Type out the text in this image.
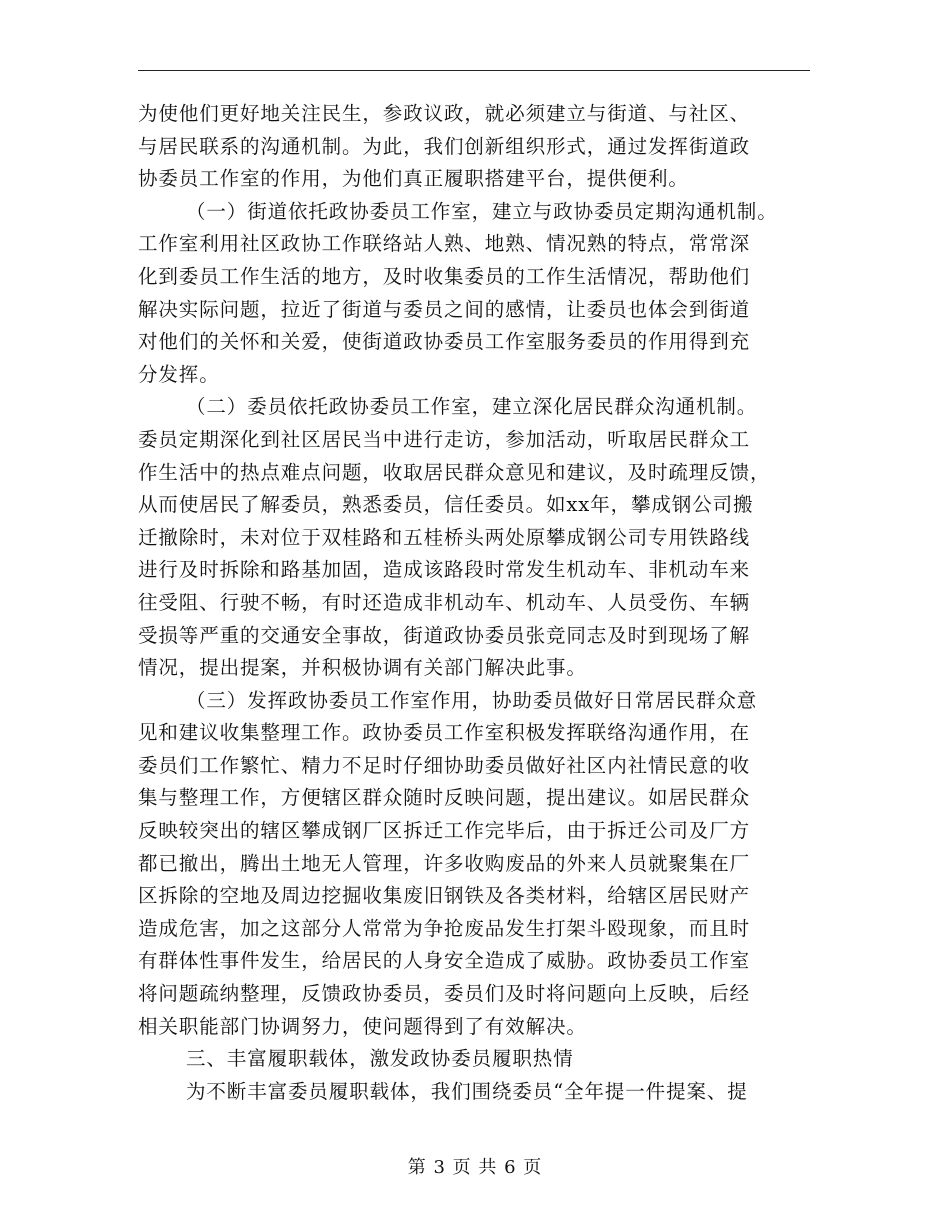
为使他们更好地关注民生，参政议政，就必须建立与街道、与社区、
与居民联系的沟通机制。为此，我们创新组织形式，通过发挥街道政
协委员工作室的作用，为他们真正履职搭建平台，提供便利。
（一）街道依托政协委员工作室，建立与政协委员定期沟通机制。
工作室利用社区政协工作联络站人熟、地熟、情况熟的特点，常常深
化到委员工作生活的地方，及时收集委员的工作生活情况，帮助他们
解决实际问题，拉近了街道与委员之间的感情，让委员也体会到街道
对他们的关怀和关爱，使街道政协委员工作室服务委员的作用得到充
分发挥。
（二）委员依托政协委员工作室，建立深化居民群众沟通机制。
委员定期深化到社区居民当中进行走访，参加活动，听取居民群众工
作生活中的热点难点问题，收取居民群众意见和建议，及时疏理反馈，
从而使居民了解委员，熟悉委员，信任委员。如xx年，攀成钢公司搬
迁撤除时，未对位于双桂路和五桂桥头两处原攀成钢公司专用铁路线
进行及时拆除和路基加固，造成该路段时常发生机动车、非机动车来
往受阻、行驶不畅，有时还造成非机动车、机动车、人员受伤、车辆
受损等严重的交通安全事故，街道政协委员张竞同志及时到现场了解
情况，提出提案，并积极协调有关部门解决此事。
（三）发挥政协委员工作室作用，协助委员做好日常居民群众意
见和建议收集整理工作。政协委员工作室积极发挥联络沟通作用，在
委员们工作繁忙、精力不足时仔细协助委员做好社区内社情民意的收
集与整理工作，方便辖区群众随时反映问题，提出建议。如居民群众
反映较突出的辖区攀成钢厂区拆迁工作完毕后，由于拆迁公司及厂方
都已撤出，腾出土地无人管理，许多收购废品的外来人员就聚集在厂
区拆除的空地及周边挖掘收集废旧钢铁及各类材料，给辖区居民财产
造成危害，加之这部分人常常为争抢废品发生打架斗殴现象，而且时
有群体性事件发生，给居民的人身安全造成了威胁。政协委员工作室
将问题疏纳整理，反馈政协委员，委员们及时将问题向上反映，后经
相关职能部门协调努力，使问题得到了有效解决。
三、丰富履职载体，激发政协委员履职热情
为不断丰富委员履职载体，我们围绕委员“全年提一件提案、提
第 3 页 共 6 页
